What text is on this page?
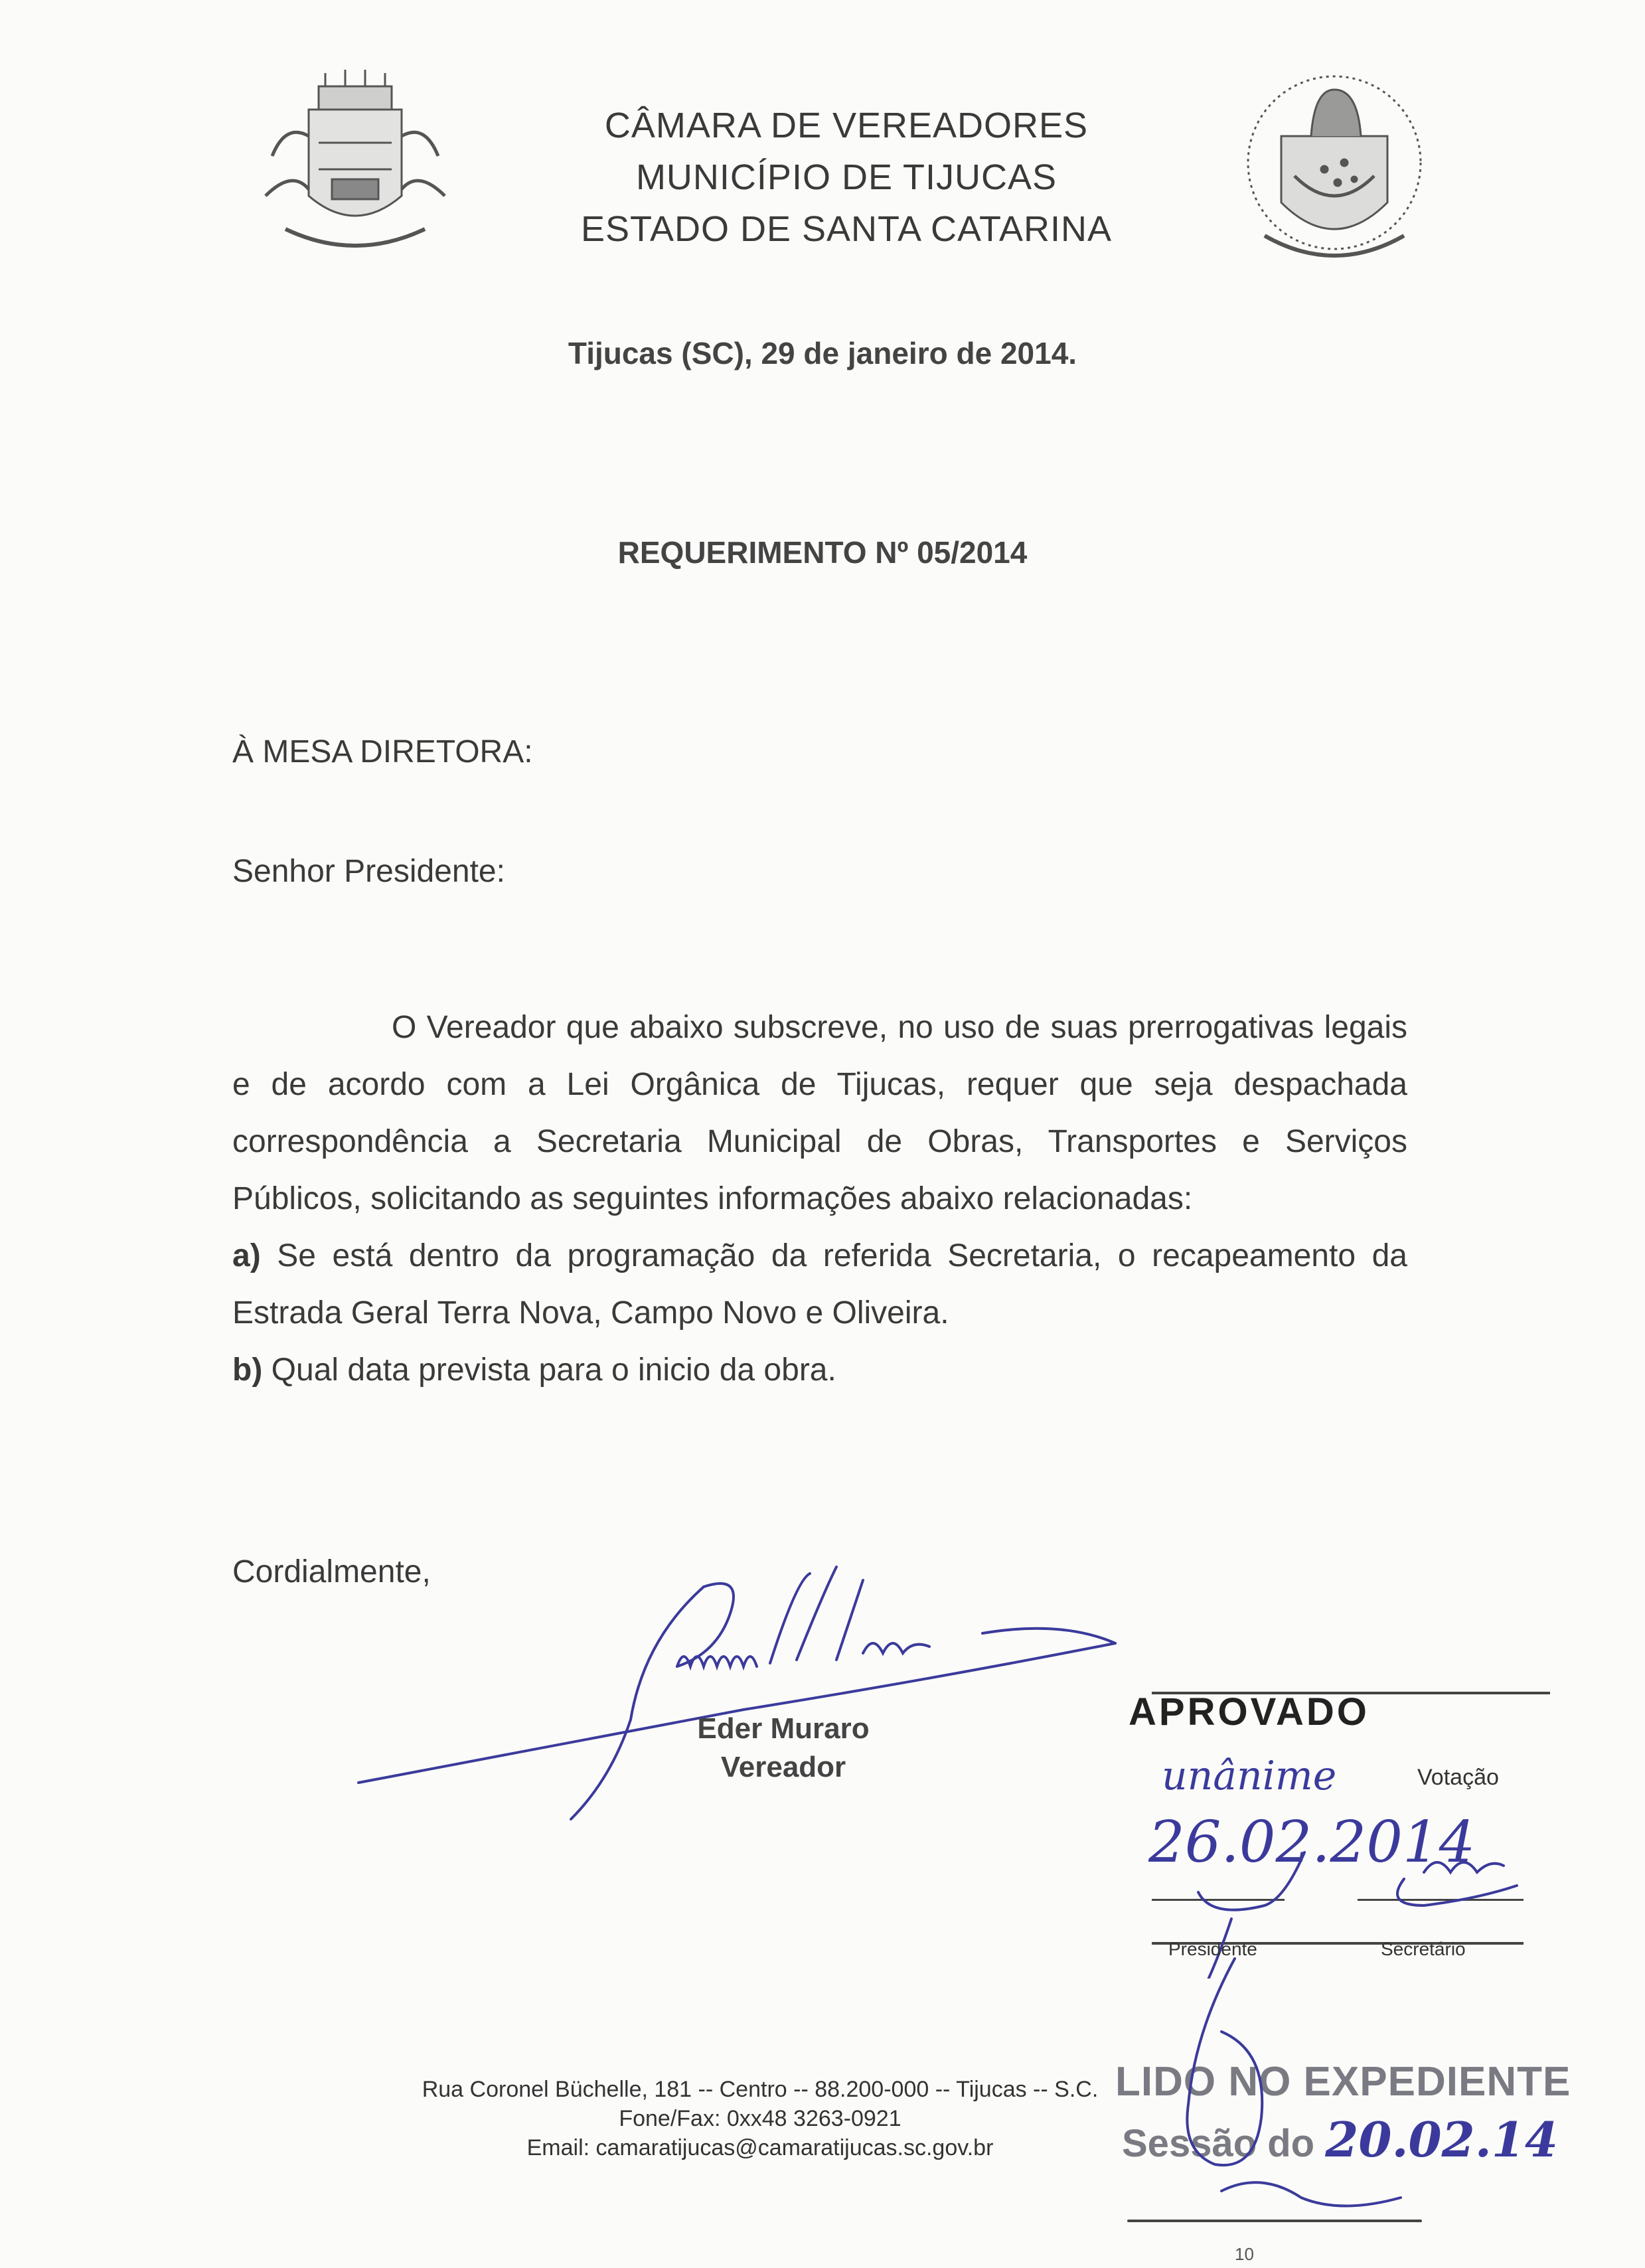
CÂMARA DE VEREADORES
MUNICÍPIO DE TIJUCAS
ESTADO DE SANTA CATARINA
Tijucas (SC), 29 de janeiro de 2014.
REQUERIMENTO Nº 05/2014
À MESA DIRETORA:
Senhor Presidente:

O Vereador que abaixo subscreve, no uso de suas prerrogativas legais e de acordo com a Lei Orgânica de Tijucas, requer que seja despachada correspondência a Secretaria Municipal de Obras, Transportes e Serviços Públicos, solicitando as seguintes informações abaixo relacionadas:

a) Se está dentro da programação da referida Secretaria, o recapeamento da Estrada Geral Terra Nova, Campo Novo e Oliveira.

b) Qual data prevista para o inicio da obra.

Cordialmente,
Eder Muraro
Vereador	unânime
26.02.2014
APROVADO
Votação
Presidente	Secretário
Rua Coronel Büchelle, 181 -- Centro -- 88.200-000 -- Tijucas -- S.C.
Fone/Fax: 0xx48 3263-0921
Email: camaratijucas@camaratijucas.sc.gov.br
LIDO NO EXPEDIENTE
Sessão do 20.02.14
10
